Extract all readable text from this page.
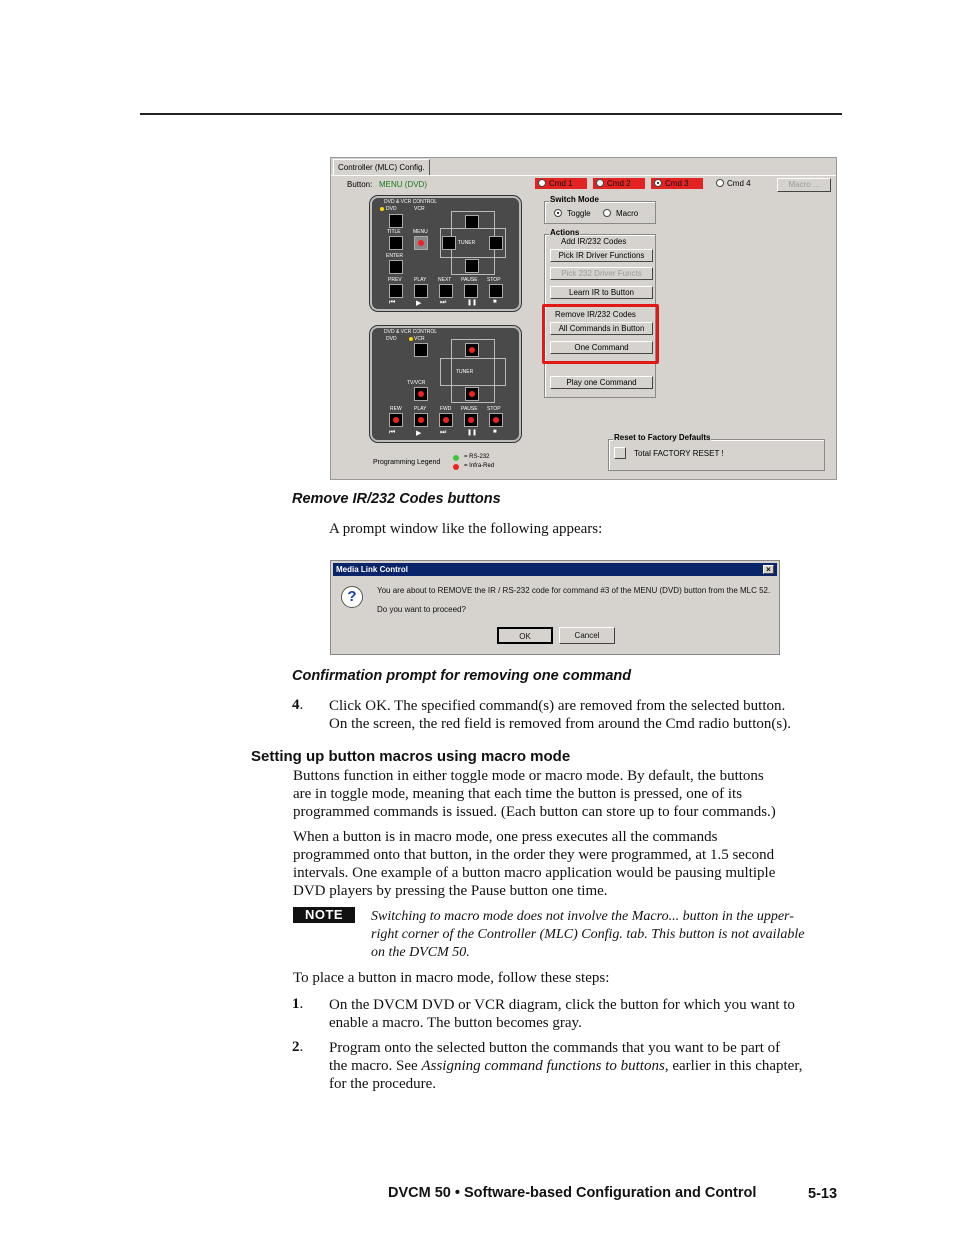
Controller (MLC) Config.
Button: MENU (DVD)	Cmd 1	Cmd 2	Cmd 3	Cmd 4	Macro ...
Switch Mode
Toggle	Macro
Actions
Add IR/232 Codes
Pick IR Driver Functions
Pick 232 Driver Functs
Learn IR to Button
Remove IR/232 Codes
All Commands in Button
One Command
Play one Command
Reset to Factory Defaults
Total FACTORY RESET !
Programming Legend
= RS-232
= Infra-Red
DVD & VCR CONTROL
DVD	VCR
TITLE MENU
ENTER
TUNER
PREV PLAY NEXT PAUSE STOP
⏮	▶	⏭	❚❚	■
DVD & VCR CONTROL
DVD	VCR
TUNER
TV/VCR
REW PLAY	FWD PAUSE STOP
⏮	▶	⏭	❚❚	■
Remove IR/232 Codes buttons
A prompt window like the following appears:
Media Link Control	×
?	You are about to REMOVE the IR / RS-232 code for command #3 of the MENU (DVD) button from the MLC 52.
Do you want to proceed?
OK	Cancel
Confirmation prompt for removing one command
4. Click OK. The specified command(s) are removed from the selected button.
On the screen, the red field is removed from around the Cmd radio button(s).
Setting up button macros using macro mode
Buttons function in either toggle mode or macro mode. By default, the buttons
are in toggle mode, meaning that each time the button is pressed, one of its
programmed commands is issued. (Each button can store up to four commands.)
When a button is in macro mode, one press executes all the commands
programmed onto that button, in the order they were programmed, at 1.5 second
intervals. One example of a button macro application would be pausing multiple
DVD players by pressing the Pause button one time.
NOTE	Switching to macro mode does not involve the Macro... button in the upper-
right corner of the Controller (MLC) Config. tab. This button is not available
on the DVCM 50.
To place a button in macro mode, follow these steps:
1. On the DVCM DVD or VCR diagram, click the button for which you want to
enable a macro. The button becomes gray.
2. Program onto the selected button the commands that you want to be part of
the macro. See Assigning command functions to buttons, earlier in this chapter,
for the procedure.
DVCM 50 • Software-based Configuration and Control	5-13
